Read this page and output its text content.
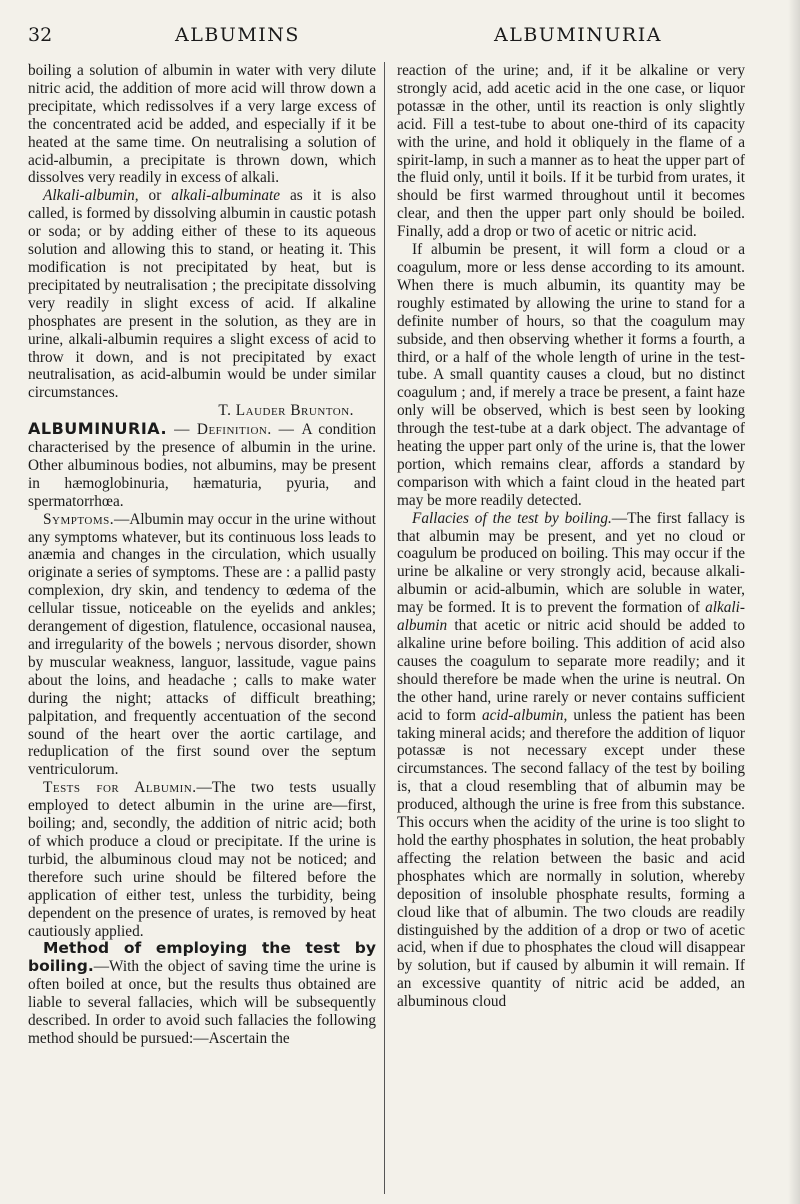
32	ALBUMINS	ALBUMINURIA

boiling a solution of albumin in water with very dilute nitric acid, the addition of more acid will throw down a precipitate, which redissolves if a very large excess of the concentrated acid be added, and especially if it be heated at the same time. On neutralising a solution of acid-albumin, a precipitate is thrown down, which dissolves very readily in excess of alkali.

Alkali-albumin, or alkali-albuminate as it is also called, is formed by dissolving albumin in caustic potash or soda; or by adding either of these to its aqueous solution and allowing this to stand, or heating it. This modification is not precipitated by heat, but is precipitated by neutralisation ; the precipitate dissolving very readily in slight excess of acid. If alkaline phosphates are present in the solution, as they are in urine, alkali-albumin requires a slight excess of acid to throw it down, and is not precipitated by exact neutralisation, as acid-albumin would be under similar circumstances.

T. Lauder Brunton.

ALBUMINURIA. — Definition. — A condition characterised by the presence of albumin in the urine. Other albuminous bodies, not albumins, may be present in hæmoglobinuria, hæmaturia, pyuria, and spermatorrhœa.

Symptoms.—Albumin may occur in the urine without any symptoms whatever, but its continuous loss leads to anæmia and changes in the circulation, which usually originate a series of symptoms. These are : a pallid pasty complexion, dry skin, and tendency to œdema of the cellular tissue, noticeable on the eyelids and ankles; derangement of digestion, flatulence, occasional nausea, and irregularity of the bowels ; nervous disorder, shown by muscular weakness, languor, lassitude, vague pains about the loins, and headache ; calls to make water during the night; attacks of difficult breathing; palpitation, and frequently accentuation of the second sound of the heart over the aortic cartilage, and reduplication of the first sound over the septum ventriculorum.

Tests for Albumin.—The two tests usually employed to detect albumin in the urine are—first, boiling; and, secondly, the addition of nitric acid; both of which produce a cloud or precipitate. If the urine is turbid, the albuminous cloud may not be noticed; and therefore such urine should be filtered before the application of either test, unless the turbidity, being dependent on the presence of urates, is removed by heat cautiously applied.

Method of employing the test by boiling.—With the object of saving time the urine is often boiled at once, but the results thus obtained are liable to several fallacies, which will be subsequently described. In order to avoid such fallacies the following method should be pursued:—Ascertain the

reaction of the urine; and, if it be alkaline or very strongly acid, add acetic acid in the one case, or liquor potassæ in the other, until its reaction is only slightly acid. Fill a test-tube to about one-third of its capacity with the urine, and hold it obliquely in the flame of a spirit-lamp, in such a manner as to heat the upper part of the fluid only, until it boils. If it be turbid from urates, it should be first warmed throughout until it becomes clear, and then the upper part only should be boiled. Finally, add a drop or two of acetic or nitric acid.

If albumin be present, it will form a cloud or a coagulum, more or less dense according to its amount. When there is much albumin, its quantity may be roughly estimated by allowing the urine to stand for a definite number of hours, so that the coagulum may subside, and then observing whether it forms a fourth, a third, or a half of the whole length of urine in the test-tube. A small quantity causes a cloud, but no distinct coagulum ; and, if merely a trace be present, a faint haze only will be observed, which is best seen by looking through the test-tube at a dark object. The advantage of heating the upper part only of the urine is, that the lower portion, which remains clear, affords a standard by comparison with which a faint cloud in the heated part may be more readily detected.

Fallacies of the test by boiling.—The first fallacy is that albumin may be present, and yet no cloud or coagulum be produced on boiling. This may occur if the urine be alkaline or very strongly acid, because alkali-albumin or acid-albumin, which are soluble in water, may be formed. It is to prevent the formation of alkali-albumin that acetic or nitric acid should be added to alkaline urine before boiling. This addition of acid also causes the coagulum to separate more readily; and it should therefore be made when the urine is neutral. On the other hand, urine rarely or never contains sufficient acid to form acid-albumin, unless the patient has been taking mineral acids; and therefore the addition of liquor potassæ is not necessary except under these circumstances. The second fallacy of the test by boiling is, that a cloud resembling that of albumin may be produced, although the urine is free from this substance. This occurs when the acidity of the urine is too slight to hold the earthy phosphates in solution, the heat probably affecting the relation between the basic and acid phosphates which are normally in solution, whereby deposition of insoluble phosphate results, forming a cloud like that of albumin. The two clouds are readily distinguished by the addition of a drop or two of acetic acid, when if due to phosphates the cloud will disappear by solution, but if caused by albumin it will remain. If an excessive quantity of nitric acid be added, an albuminous cloud
